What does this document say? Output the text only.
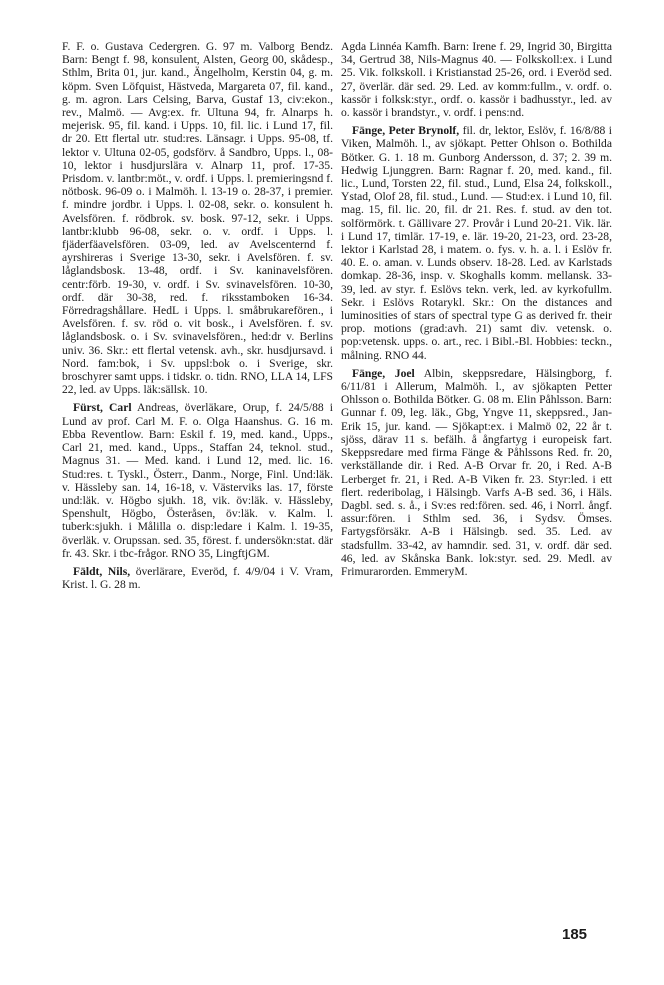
F. F. o. Gustava Cedergren. G. 97 m. Valborg Bendz. Barn: Bengt f. 98, konsulent, Alsten, Georg 00, skådesp., Sthlm, Brita 01, jur. kand., Ängelholm, Kerstin 04, g. m. köpm. Sven Löfquist, Hästveda, Margareta 07, fil. kand., g. m. agron. Lars Celsing, Barva, Gustaf 13, civ:ekon., rev., Malmö. — Avg:ex. fr. Ultuna 94, fr. Alnarps h. mejerisk. 95, fil. kand. i Upps. 10, fil. lic. i Lund 17, fil. dr 20. Ett flertal utr. stud:res. Länsagr. i Upps. 95-08, tf. lektor v. Ultuna 02-05, godsförv. å Sandbro, Upps. l., 08-10, lektor i husdjurslära v. Alnarp 11, prof. 17-35. Prisdom. v. lantbr:möt., v. ordf. i Upps. l. premieringsnd f. nötbosk. 96-09 o. i Malmöh. l. 13-19 o. 28-37, i premier. f. mindre jordbr. i Upps. l. 02-08, sekr. o. konsulent h. Avelsfören. f. rödbrok. sv. bosk. 97-12, sekr. i Upps. lantbr:klubb 96-08, sekr. o. v. ordf. i Upps. l. fjäderfäavelsfören. 03-09, led. av Avelscenternd f. ayrshireras i Sverige 13-30, sekr. i Avelsfören. f. sv. låglandsbosk. 13-48, ordf. i Sv. kaninavelsfören. centr:förb. 19-30, v. ordf. i Sv. svinavelsfören. 10-30, ordf. där 30-38, red. f. rikssta​mboken 16-34. Förredragshållare. HedL i Upps. l. småbrukarefören., i Avelsfören. f. sv. röd o. vit bosk., i Avelsfören. f. sv. låglandsbosk. o. i Sv. svinavelsfören., hed:dr v. Berlins univ. 36. Skr.: ett flertal vetensk. avh., skr. husdjursavd. i Nord. fam:bok, i Sv. uppsl:bok o. i Sverige, skr. broschyrer samt upps. i tidskr. o. tidn. RNO, LLA 14, LFS 22, led. av Upps. läk:sällsk. 10.

Fürst, Carl Andreas, överläkare, Orup, f. 24/5/88 i Lund av prof. Carl M. F. o. Olga Haanshus. G. 16 m. Ebba Reventlow. Barn: Eskil f. 19, med. kand., Upps., Carl 21, med. kand., Upps., Staffan 24, tekno​l. stud., Magnus 31. — Med. kand. i Lund 12, med. lic. 16. Stud:res. t. Tyskl., Österr., Danm., Norge, Finl. Und:läk. v. Hässleby san. 14, 16-18, v. Västerviks las. 17, förste und:läk. v. Högbo sjukh. 18, vik. öv:läk. v. Hässleby, Spenshult, Högbo, Österåsen, öv:läk. v. Kalm. l. tuberk:sjukh. i Målilla o. disp:ledare i Kalm. l. 19-35, överläk. v. Orupssan. sed. 35, förest. f. undersökn:stat. där fr. 43. Skr. i tbc-frågor. RNO 35, LingftjGM.

Fäldt, Nils, överlärare, Everöd, f. 4/9/04 i V. Vram, Krist. l. G. 28 m.

Agda Linnéa Kamfh. Barn: Irene f. 29, Ingrid 30, Birgitta 34, Gertrud 38, Nils-Magnus 40. — Folkskoll:ex. i Lund 25. Vik. folkskoll. i Kristianstad 25-26, ord. i Everöd sed. 27, överlär. där sed. 29. Led. av komm:fullm., v. ordf. o. kassör i folksk:styr., ordf. o. kassör i badhusstyr., led. av o. kassör i brandstyr., v. ordf. i pens:nd.

Fänge, Peter Brynolf, fil. dr, lektor, Eslöv, f. 16/8/88 i Viken, Malmöh. l., av sjökapt. Petter Ohlson o. Bothilda Bötker. G. 1. 18 m. Gunborg Andersson, d. 37; 2. 39 m. Hedwig Ljunggren. Barn: Ragnar f. 20, med. kand., fil. lic., Lund, Torsten 22, fil. stud., Lund, Elsa 24, folkskoll., Ystad, Olof 28, fil. stud., Lund. — Stud:ex. i Lund 10, fil. mag. 15, fil. lic. 20, fil. dr 21. Res. f. stud. av den tot. solförmörk. t. Gällivare 27. Provår i Lund 20-21. Vik. lär. i Lund 17, timlär. 17-19, e. lär. 19-20, 21-23, ord. 23-28, lektor i Karlstad 28, i matem. o. fys. v. h. a. l. i Eslöv fr. 40. E. o. aman. v. Lunds observ. 18-28. Led. av Karlstads domkap. 28-36, insp. v. Skoghalls komm. mellansk. 33-39, led. av styr. f. Eslövs tekn. verk, led. av kyrkofullm. Sekr. i Eslövs Rotaryk​l. Skr.: On the distances and luminosities of stars of spectral type G as derived fr. their prop. motions (grad:avh. 21) samt div. vetensk. o. pop:vetensk. upps. o. art., rec. i Bibl.-Bl. Hobbies: teckn., målning. RNO 44.

Fänge, Joel Albin, skeppsredare, Hälsingborg, f. 6/11/81 i Allerum, Malmöh. l., av sjökapten Petter Ohlsson o. Bothilda Bötker. G. 08 m. Elin Påhlsson. Barn: Gunnar f. 09, leg. läk., Gbg, Yngve 11, skeppsred., Jan-Erik 15, jur. kand. — Sjökapt:ex. i Malmö 02, 22 år t. sjöss, därav 11 s. befälh. å ångfartyg i europeisk fart. Skeppsredare med firma Fänge & Påhlssons Red. fr. 20, verkställande dir. i Red. A-B Orvar fr. 20, i Red. A-B Lerberget fr. 21, i Red. A-B Viken fr. 23. Styr:led. i ett flert. rederibolag, i Hälsingb. Varfs A-B sed. 36, i Häls. Dagbl. sed. s. å., i Sv:es red:fören. sed. 46, i Norrl. ångf. assur:fören. i Sthlm sed. 36, i Sydsv. Ömses. Fartygsförsäkr. A-B i Hälsingb. sed. 35. Led. av stadsfullm. 33-42, av hamndir. sed. 31, v. ordf. där sed. 46, led. av Skånska Bank. lok:styr. sed. 29. Medl. av Frimurarorden. EmmeryM.

185
